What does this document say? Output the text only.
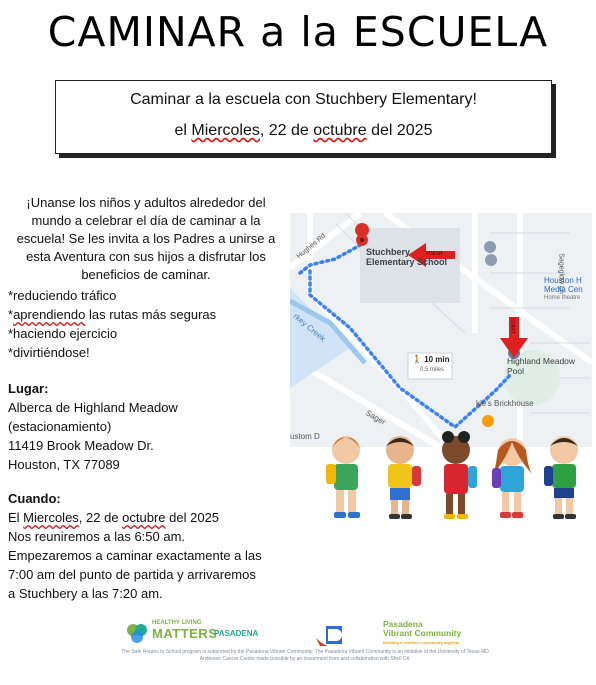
CAMINAR a la ESCUELA
Caminar a la escuela con Stuchbery Elementary!
el Miercoles, 22 de octubre del 2025
¡Unanse los niños y adultos alrededor del mundo a celebrar el día de caminar a la escuela! Se les invita a los Padres a unirse a esta Aventura con sus hijos a disfrutar los beneficios de caminar.
*reduciendo tráfico
*aprendiendo las rutas más seguras
*haciendo ejercicio
*divirtiéndose!
Lugar:
Alberca de Highland Meadow
(estacionamiento)
11419 Brook Meadow Dr.
Houston, TX 77089
Cuando:
El Miercoles, 22 de octubre del 2025
Nos reuniremos a las 6:50 am.
Empezaremos a caminar exactamente a las
7:00 am del punto de partida y arrivaremos
a Stuchbery a las 7:20 am.
Stuchbery
Elementary School
Highland Meadow Pool
Hughes Rd
Sageglow Ln
rkey Creek
ustom D
Sager
kie's Brickhouse
Houston H
Media Cen
Home theatre
🚶 10 min
0.5 miles
FINISH
START
HEALTHY LIVING
MATTERS
PASADENA
Pasadena
Vibrant Community
Building a healthier community together
The Safe Routes to School program is supported by the Pasadena Vibrant Community. The Pasadena Vibrant Community is an initiative of the University of Texas MD Anderson Cancer Center made possible by an investment from and collaboration with Shell Oil.
